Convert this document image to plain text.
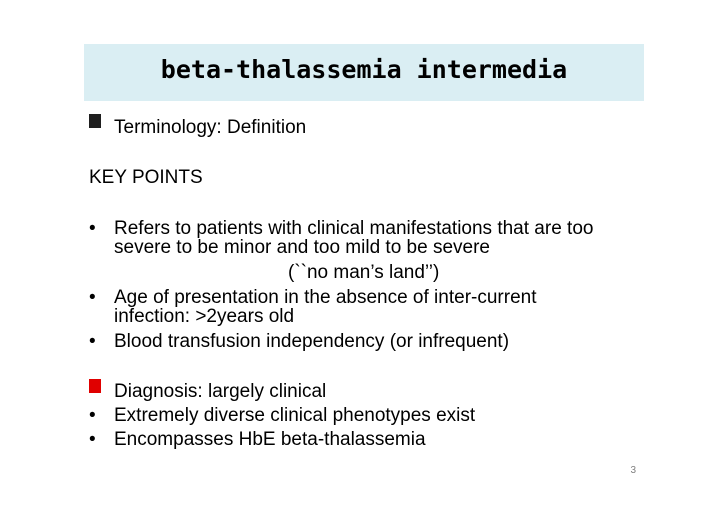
beta-thalassemia intermedia
Terminology: Definition
KEY POINTS
• Refers to patients with clinical manifestations that are too
severe to be minor and too mild to be severe
(``no man’s land’’)
• Age of presentation in the absence of inter-current
infection: >2years old
• Blood transfusion independency (or infrequent)
Diagnosis: largely clinical
• Extremely diverse clinical phenotypes exist
• Encompasses HbE beta-thalassemia
3
